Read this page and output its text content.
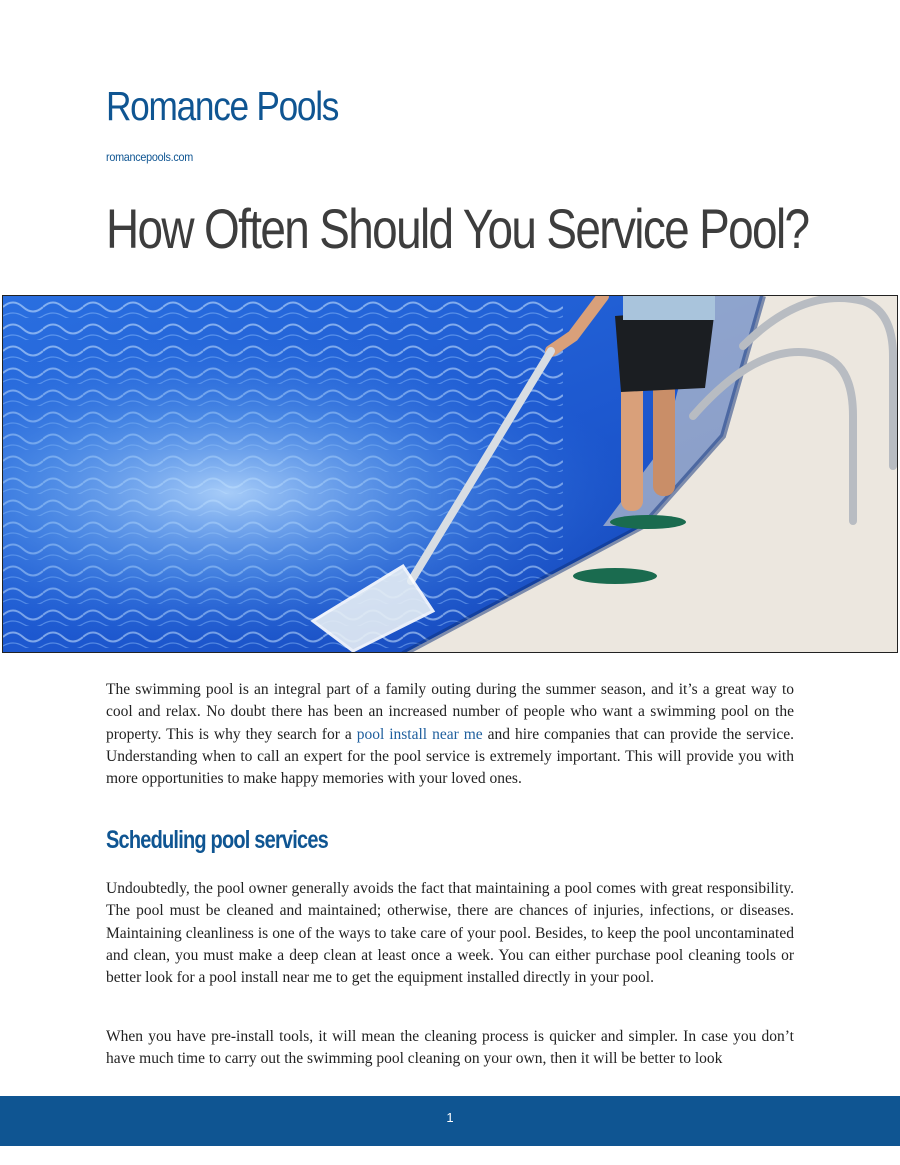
Romance Pools
romancepools.com
How Often Should You Service Pool?

The swimming pool is an integral part of a family outing during the summer season, and it’s a great way to cool and relax. No doubt there has been an increased number of people who want a swimming pool on the property. This is why they search for a pool install near me and hire companies that can provide the service. Understanding when to call an expert for the pool service is extremely important. This will provide you with more opportunities to make happy memories with your loved ones.

Scheduling pool services

Undoubtedly, the pool owner generally avoids the fact that maintaining a pool comes with great responsibility. The pool must be cleaned and maintained; otherwise, there are chances of injuries, infections, or diseases. Maintaining cleanliness is one of the ways to take care of your pool. Besides, to keep the pool uncontaminated and clean, you must make a deep clean at least once a week. You can either purchase pool cleaning tools or better look for a pool install near me to get the equipment installed directly in your pool.

When you have pre-install tools, it will mean the cleaning process is quicker and simpler. In case you don’t have much time to carry out the swimming pool cleaning on your own, then it will be better to look

1
